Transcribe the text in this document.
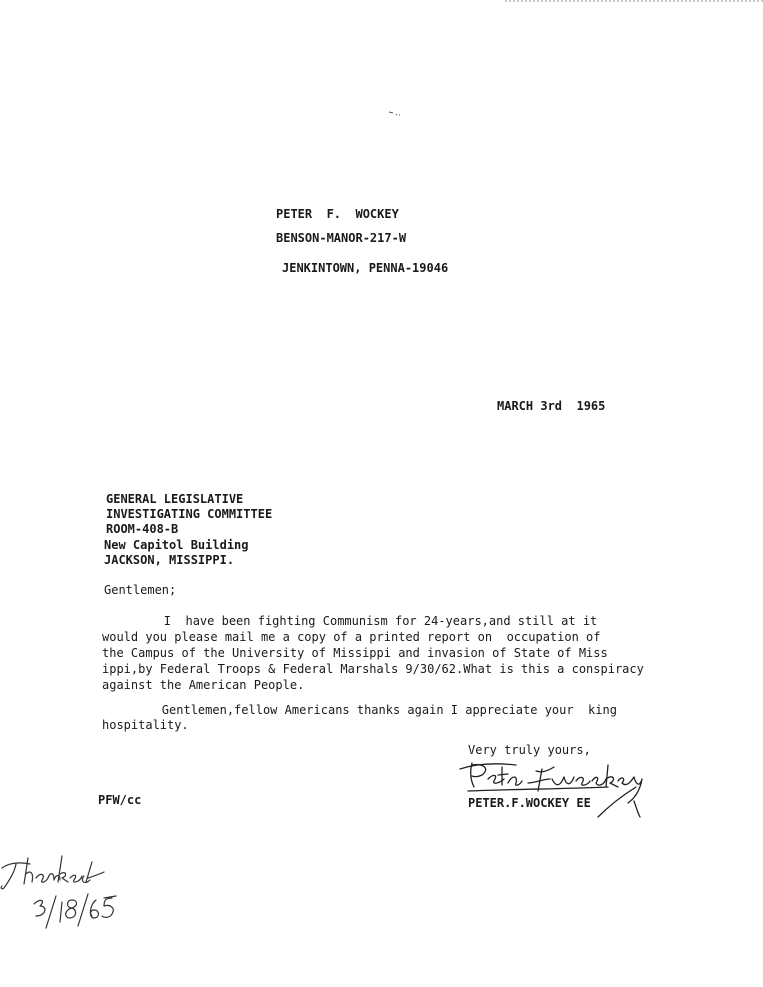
PETER  F.  WOCKEY
BENSON-MANOR-217-W
JENKINTOWN, PENNA-19046
MARCH 3rd  1965
GENERAL LEGISLATIVE
INVESTIGATING COMMITTEE
ROOM-408-B
New Capitol Building
JACKSON, MISSIPPI.
Gentlemen;
I  have been fighting Communism for 24-years,and still at it
would you please mail me a copy of a printed report on  occupation of
the Campus of the University of Missippi and invasion of State of Miss
ippi,by Federal Troops & Federal Marshals 9/30/62.What is this a conspiracy
against the American People.
Gentlemen,fellow Americans thanks again I appreciate your  king
hospitality.
Very truly yours,
PETER.F.WOCKEY EE
PFW/cc
